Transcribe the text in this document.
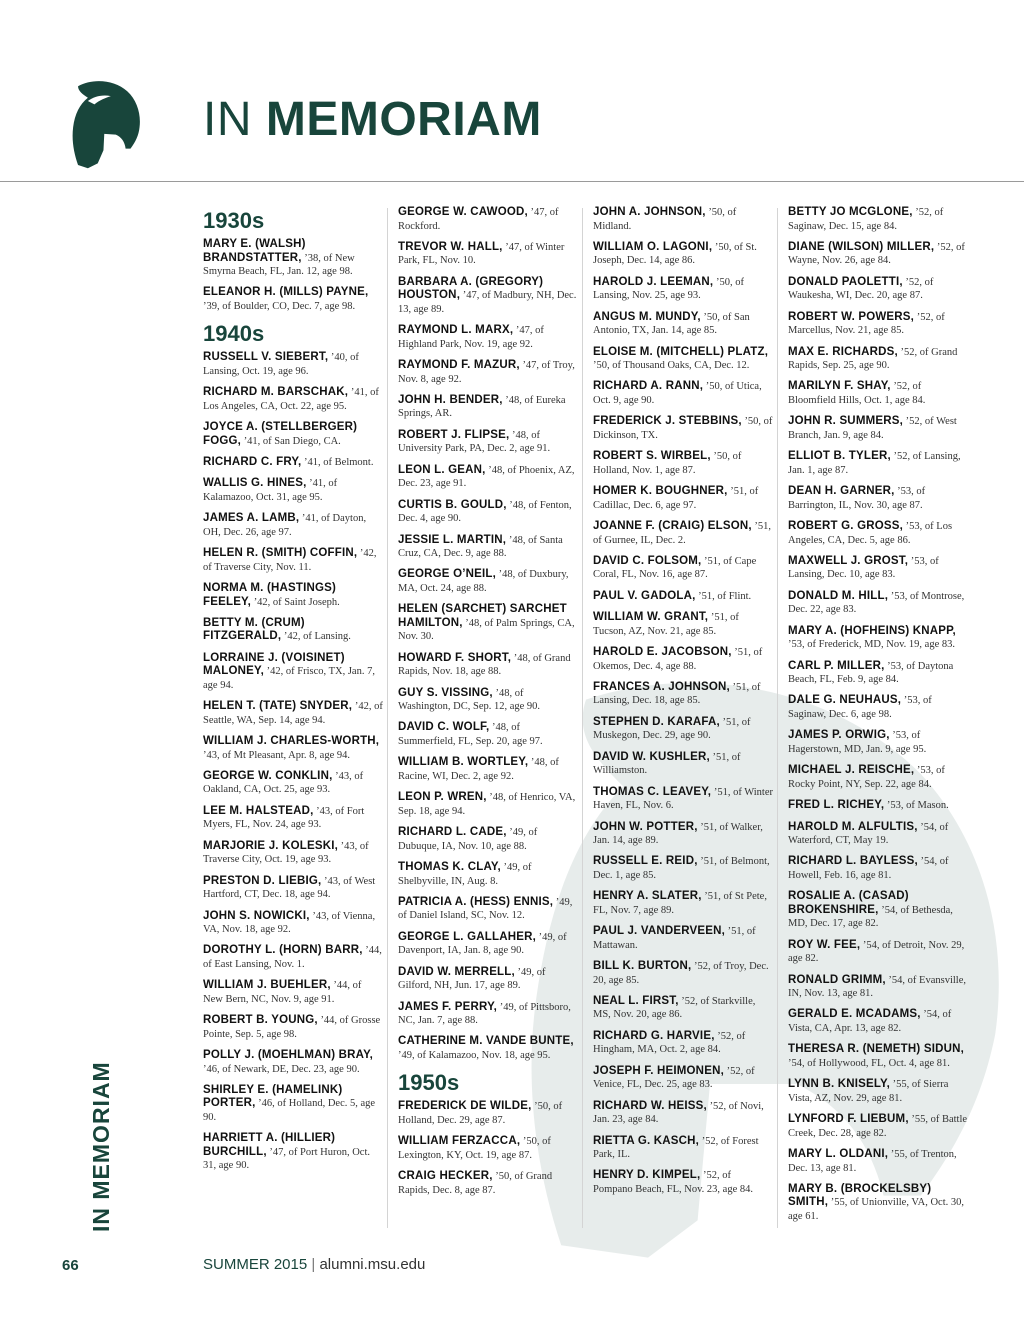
IN MEMORIAM
1930s
MARY E. (WALSH) BRANDSTATTER, ’38, of New Smyrna Beach, FL, Jan. 12, age 98.
ELEANOR H. (MILLS) PAYNE, ’39, of Boulder, CO, Dec. 7, age 98.
1940s
RUSSELL V. SIEBERT, ’40, of Lansing, Oct. 19, age 96.
RICHARD M. BARSCHAK, ’41, of Los Angeles, CA, Oct. 22, age 95.
JOYCE A. (STELLBERGER) FOGG, ’41, of San Diego, CA.
RICHARD C. FRY, ’41, of Belmont.
WALLIS G. HINES, ’41, of Kalamazoo, Oct. 31, age 95.
JAMES A. LAMB, ’41, of Dayton, OH, Dec. 26, age 97.
HELEN R. (SMITH) COFFIN, ’42, of Traverse City, Nov. 11.
NORMA M. (HASTINGS) FEELEY, ’42, of Saint Joseph.
BETTY M. (CRUM) FITZGERALD, ’42, of Lansing.
LORRAINE J. (VOISINET) MALONEY, ’42, of Frisco, TX, Jan. 7, age 94.
HELEN T. (TATE) SNYDER, ’42, of Seattle, WA, Sep. 14, age 94.
WILLIAM J. CHARLES-WORTH, ’43, of Mt Pleasant, Apr. 8, age 94.
GEORGE W. CONKLIN, ’43, of Oakland, CA, Oct. 25, age 93.
LEE M. HALSTEAD, ’43, of Fort Myers, FL, Nov. 24, age 93.
MARJORIE J. KOLESKI, ’43, of Traverse City, Oct. 19, age 93.
PRESTON D. LIEBIG, ’43, of West Hartford, CT, Dec. 18, age 94.
JOHN S. NOWICKI, ’43, of Vienna, VA, Nov. 18, age 92.
DOROTHY L. (HORN) BARR, ’44, of East Lansing, Nov. 1.
WILLIAM J. BUEHLER, ’44, of New Bern, NC, Nov. 9, age 91.
ROBERT B. YOUNG, ’44, of Grosse Pointe, Sep. 5, age 98.
POLLY J. (MOEHLMAN) BRAY, ’46, of Newark, DE, Dec. 23, age 90.
SHIRLEY E. (HAMELINK) PORTER, ’46, of Holland, Dec. 5, age 90.
HARRIETT A. (HILLIER) BURCHILL, ’47, of Port Huron, Oct. 31, age 90.
GEORGE W. CAWOOD, ’47, of Rockford.
TREVOR W. HALL, ’47, of Winter Park, FL, Nov. 10.
BARBARA A. (GREGORY) HOUSTON, ’47, of Madbury, NH, Dec. 13, age 89.
RAYMOND L. MARX, ’47, of Highland Park, Nov. 19, age 92.
RAYMOND F. MAZUR, ’47, of Troy, Nov. 8, age 92.
JOHN H. BENDER, ’48, of Eureka Springs, AR.
ROBERT J. FLIPSE, ’48, of University Park, PA, Dec. 2, age 91.
LEON L. GEAN, ’48, of Phoenix, AZ, Dec. 23, age 91.
CURTIS B. GOULD, ’48, of Fenton, Dec. 4, age 90.
JESSIE L. MARTIN, ’48, of Santa Cruz, CA, Dec. 9, age 88.
GEORGE O’NEIL, ’48, of Duxbury, MA, Oct. 24, age 88.
HELEN (SARCHET) SARCHET HAMILTON, ’48, of Palm Springs, CA, Nov. 30.
HOWARD F. SHORT, ’48, of Grand Rapids, Nov. 18, age 88.
GUY S. VISSING, ’48, of Washington, DC, Sep. 12, age 90.
DAVID C. WOLF, ’48, of Summerfield, FL, Sep. 20, age 97.
WILLIAM B. WORTLEY, ’48, of Racine, WI, Dec. 2, age 92.
LEON P. WREN, ’48, of Henrico, VA, Sep. 18, age 94.
RICHARD L. CADE, ’49, of Dubuque, IA, Nov. 10, age 88.
THOMAS K. CLAY, ’49, of Shelbyville, IN, Aug. 8.
PATRICIA A. (HESS) ENNIS, ’49, of Daniel Island, SC, Nov. 12.
GEORGE L. GALLAHER, ’49, of Davenport, IA, Jan. 8, age 90.
DAVID W. MERRELL, ’49, of Gilford, NH, Jun. 17, age 89.
JAMES F. PERRY, ’49, of Pittsboro, NC, Jan. 7, age 88.
CATHERINE M. VANDE BUNTE, ’49, of Kalamazoo, Nov. 18, age 95.
1950s
FREDERICK DE WILDE, ’50, of Holland, Dec. 29, age 87.
WILLIAM FERZACCA, ’50, of Lexington, KY, Oct. 19, age 87.
CRAIG HECKER, ’50, of Grand Rapids, Dec. 8, age 87.
JOHN A. JOHNSON, ’50, of Midland.
WILLIAM O. LAGONI, ’50, of St. Joseph, Dec. 14, age 86.
HAROLD J. LEEMAN, ’50, of Lansing, Nov. 25, age 93.
ANGUS M. MUNDY, ’50, of San Antonio, TX, Jan. 14, age 85.
ELOISE M. (MITCHELL) PLATZ, ’50, of Thousand Oaks, CA, Dec. 12.
RICHARD A. RANN, ’50, of Utica, Oct. 9, age 90.
FREDERICK J. STEBBINS, ’50, of Dickinson, TX.
ROBERT S. WIRBEL, ’50, of Holland, Nov. 1, age 87.
HOMER K. BOUGHNER, ’51, of Cadillac, Dec. 6, age 97.
JOANNE F. (CRAIG) ELSON, ’51, of Gurnee, IL, Dec. 2.
DAVID C. FOLSOM, ’51, of Cape Coral, FL, Nov. 16, age 87.
PAUL V. GADOLA, ’51, of Flint.
WILLIAM W. GRANT, ’51, of Tucson, AZ, Nov. 21, age 85.
HAROLD E. JACOBSON, ’51, of Okemos, Dec. 4, age 88.
FRANCES A. JOHNSON, ’51, of Lansing, Dec. 18, age 85.
STEPHEN D. KARAFA, ’51, of Muskegon, Dec. 29, age 90.
DAVID W. KUSHLER, ’51, of Williamston.
THOMAS C. LEAVEY, ’51, of Winter Haven, FL, Nov. 6.
JOHN W. POTTER, ’51, of Walker, Jan. 14, age 89.
RUSSELL E. REID, ’51, of Belmont, Dec. 1, age 85.
HENRY A. SLATER, ’51, of St Pete, FL, Nov. 7, age 89.
PAUL J. VANDERVEEN, ’51, of Mattawan.
BILL K. BURTON, ’52, of Troy, Dec. 20, age 85.
NEAL L. FIRST, ’52, of Starkville, MS, Nov. 20, age 86.
RICHARD G. HARVIE, ’52, of Hingham, MA, Oct. 2, age 84.
JOSEPH F. HEIMONEN, ’52, of Venice, FL, Dec. 25, age 83.
RICHARD W. HEISS, ’52, of Novi, Jan. 23, age 84.
RIETTA G. KASCH, ’52, of Forest Park, IL.
HENRY D. KIMPEL, ’52, of Pompano Beach, FL, Nov. 23, age 84.
BETTY JO MCGLONE, ’52, of Saginaw, Dec. 15, age 84.
DIANE (WILSON) MILLER, ’52, of Wayne, Nov. 26, age 84.
DONALD PAOLETTI, ’52, of Waukesha, WI, Dec. 20, age 87.
ROBERT W. POWERS, ’52, of Marcellus, Nov. 21, age 85.
MAX E. RICHARDS, ’52, of Grand Rapids, Sep. 25, age 90.
MARILYN F. SHAY, ’52, of Bloomfield Hills, Oct. 1, age 84.
JOHN R. SUMMERS, ’52, of West Branch, Jan. 9, age 84.
ELLIOT B. TYLER, ’52, of Lansing, Jan. 1, age 87.
DEAN H. GARNER, ’53, of Barrington, IL, Nov. 30, age 87.
ROBERT G. GROSS, ’53, of Los Angeles, CA, Dec. 5, age 86.
MAXWELL J. GROST, ’53, of Lansing, Dec. 10, age 83.
DONALD M. HILL, ’53, of Montrose, Dec. 22, age 83.
MARY A. (HOFHEINS) KNAPP, ’53, of Frederick, MD, Nov. 19, age 83.
CARL P. MILLER, ’53, of Daytona Beach, FL, Feb. 9, age 84.
DALE G. NEUHAUS, ’53, of Saginaw, Dec. 6, age 98.
JAMES P. ORWIG, ’53, of Hagerstown, MD, Jan. 9, age 95.
MICHAEL J. REISCHE, ’53, of Rocky Point, NY, Sep. 22, age 84.
FRED L. RICHEY, ’53, of Mason.
HAROLD M. ALFULTIS, ’54, of Waterford, CT, May 19.
RICHARD L. BAYLESS, ’54, of Howell, Feb. 16, age 81.
ROSALIE A. (CASAD) BROKENSHIRE, ’54, of Bethesda, MD, Dec. 17, age 82.
ROY W. FEE, ’54, of Detroit, Nov. 29, age 82.
RONALD GRIMM, ’54, of Evansville, IN, Nov. 13, age 81.
GERALD E. MCADAMS, ’54, of Vista, CA, Apr. 13, age 82.
THERESA R. (NEMETH) SIDUN, ’54, of Hollywood, FL, Oct. 4, age 81.
LYNN B. KNISELY, ’55, of Sierra Vista, AZ, Nov. 29, age 81.
LYNFORD F. LIEBUM, ’55, of Battle Creek, Dec. 28, age 82.
MARY L. OLDANI, ’55, of Trenton, Dec. 13, age 81.
MARY B. (BROCKELSBY) SMITH, ’55, of Unionville, VA, Oct. 30, age 61.
IN MEMORIAM
66	SUMMER 2015 | alumni.msu.edu
